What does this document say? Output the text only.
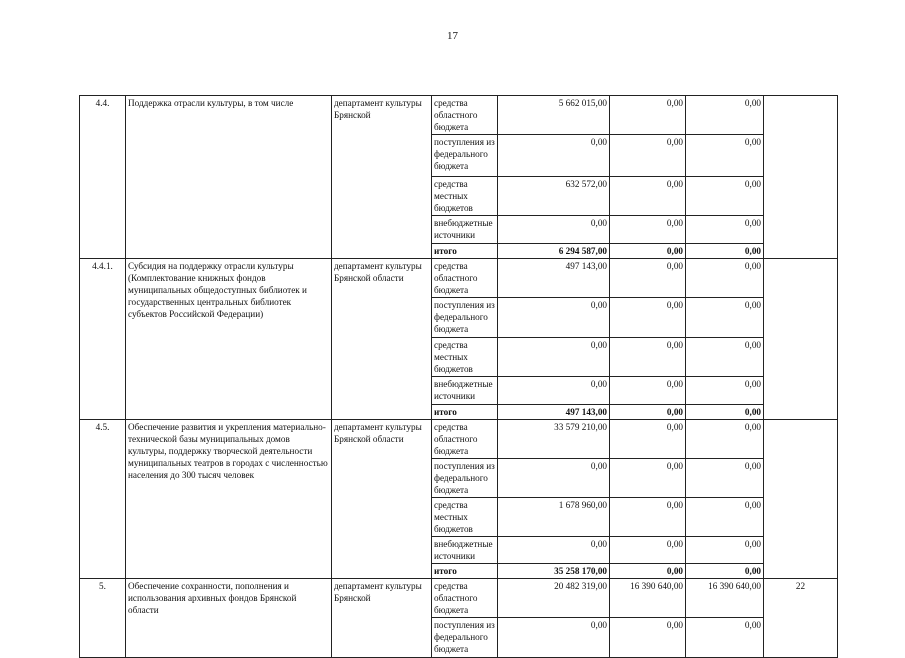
17
4.4.	Поддержка отрасли культуры, в том числе	департамент культуры Брянской	средства областного бюджета	5 662 015,00	0,00	0,00	
			поступления из федерального бюджета	0,00	0,00	0,00	
			средства местных бюджетов	632 572,00	0,00	0,00	
			внебюджетные источники	0,00	0,00	0,00	
			итого	6 294 587,00	0,00	0,00	
4.4.1.	Субсидия на поддержку отрасли культуры (Комплектование книжных фондов муниципальных общедоступных библиотек и государственных центральных библиотек субъектов Российской Федерации)	департамент культуры Брянской области	средства областного бюджета	497 143,00	0,00	0,00	
			поступления из федерального бюджета	0,00	0,00	0,00	
			средства местных бюджетов	0,00	0,00	0,00	
			внебюджетные источники	0,00	0,00	0,00	
			итого	497 143,00	0,00	0,00	
4.5.	Обеспечение развития и укрепления материально-технической базы муниципальных домов культуры, поддержку творческой деятельности муниципальных театров в городах с численностью населения до 300 тысяч человек	департамент культуры Брянской области	средства областного бюджета	33 579 210,00	0,00	0,00	
			поступления из федерального бюджета	0,00	0,00	0,00	
			средства местных бюджетов	1 678 960,00	0,00	0,00	
			внебюджетные источники	0,00	0,00	0,00	
			итого	35 258 170,00	0,00	0,00	
5.	Обеспечение сохранности, пополнения и использования архивных фондов Брянской области	департамент культуры Брянской	средства областного бюджета	20 482 319,00	16 390 640,00	16 390 640,00	22
			поступления из федерального бюджета	0,00	0,00	0,00	
